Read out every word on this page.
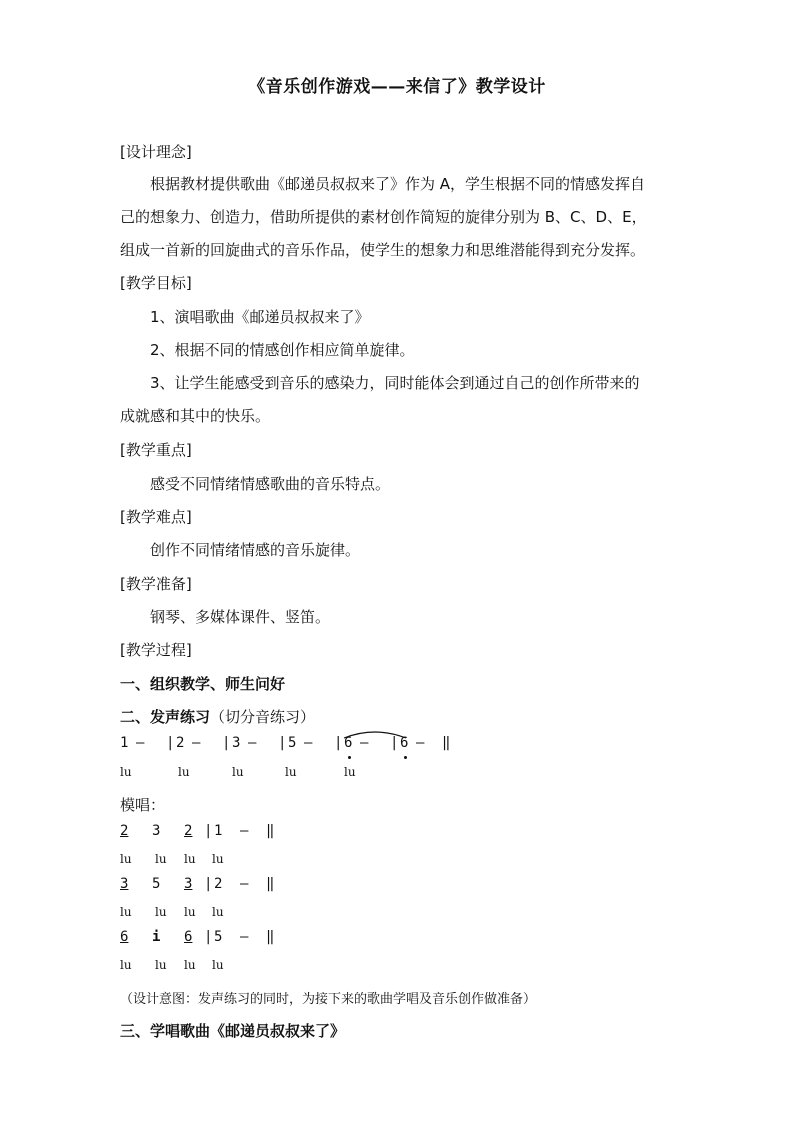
《音乐创作游戏——来信了》教学设计
[设计理念]
根据教材提供歌曲《邮递员叔叔来了》作为 A，学生根据不同的情感发挥自
己的想象力、创造力，借助所提供的素材创作简短的旋律分别为 B、C、D、E，
组成一首新的回旋曲式的音乐作品，使学生的想象力和思维潜能得到充分发挥。
[教学目标]
1、演唱歌曲《邮递员叔叔来了》
2、根据不同的情感创作相应简单旋律。
3、让学生能感受到音乐的感染力，同时能体会到通过自己的创作所带来的
成就感和其中的快乐。
[教学重点]
感受不同情绪情感歌曲的音乐特点。
[教学难点]
创作不同情绪情感的音乐旋律。
[教学准备]
钢琴、多媒体课件、竖笛。
[教学过程]
一、组织教学、师生问好
二、发声练习（切分音练习）
1 — | 2 — | 3 — | 5 — | 6 — | 6 — ‖
lu	lu	lu	lu	lu
模唱：
2 3 2 | 1 — ‖
lu lu lu lu
3 5 3 | 2 — ‖
lu lu lu lu
6 i 6 | 5 — ‖
lu lu lu lu
（设计意图：发声练习的同时，为接下来的歌曲学唱及音乐创作做准备）
三、学唱歌曲《邮递员叔叔来了》
